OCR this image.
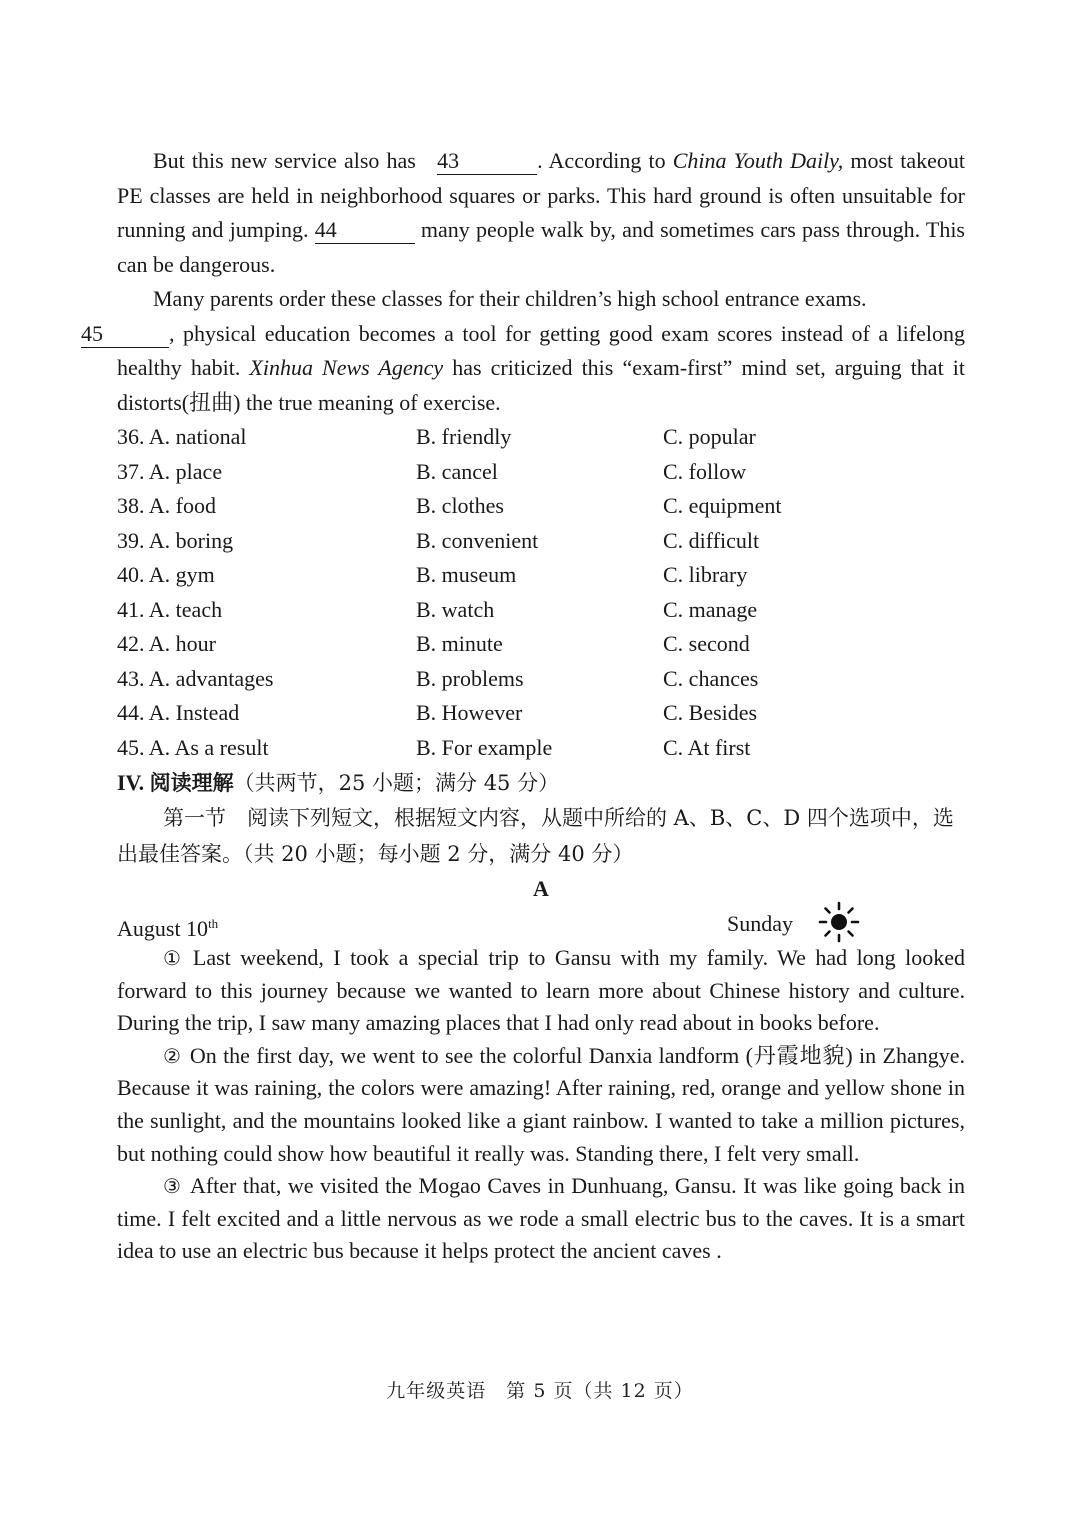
But this new service also has 43	. According to China Youth Daily, most takeout PE classes are held in neighborhood squares or parks. This hard ground is often unsuitable for running and jumping. 44	many people walk by, and sometimes cars pass through. This can be dangerous.

Many parents order these classes for their children’s high school entrance exams.
45	, physical education becomes a tool for getting good exam scores instead of a lifelong healthy habit. Xinhua News Agency has criticized this “exam-first” mind set, arguing that it distorts(扭曲) the true meaning of exercise.

36. A. national	B. friendly	C. popular
37. A. place	B. cancel	C. follow
38. A. food	B. clothes	C. equipment
39. A. boring	B. convenient	C. difficult
40. A. gym	B. museum	C. library
41. A. teach	B. watch	C. manage
42. A. hour	B. minute	C. second
43. A. advantages	B. problems	C. chances
44. A. Instead	B. However	C. Besides
45. A. As a result	B. For example	C. At first
IV. 阅读理解（共两节，25 小题；满分 45 分）

第一节　阅读下列短文，根据短文内容，从题中所给的 A、B、C、D 四个选项中，选出最佳答案。（共 20 小题；每小题 2 分，满分 40 分）

A
August 10th	Sunday

① Last weekend, I took a special trip to Gansu with my family. We had long looked forward to this journey because we wanted to learn more about Chinese history and culture. During the trip, I saw many amazing places that I had only read about in books before.

② On the first day, we went to see the colorful Danxia landform (丹霞地貌) in Zhangye. Because it was raining, the colors were amazing! After raining, red, orange and yellow shone in the sunlight, and the mountains looked like a giant rainbow. I wanted to take a million pictures, but nothing could show how beautiful it really was. Standing there, I felt very small.

③ After that, we visited the Mogao Caves in Dunhuang, Gansu. It was like going back in time. I felt excited and a little nervous as we rode a small electric bus to the caves. It is a smart idea to use an electric bus because it helps protect the ancient caves .

九年级英语　第 5 页（共 12 页）
